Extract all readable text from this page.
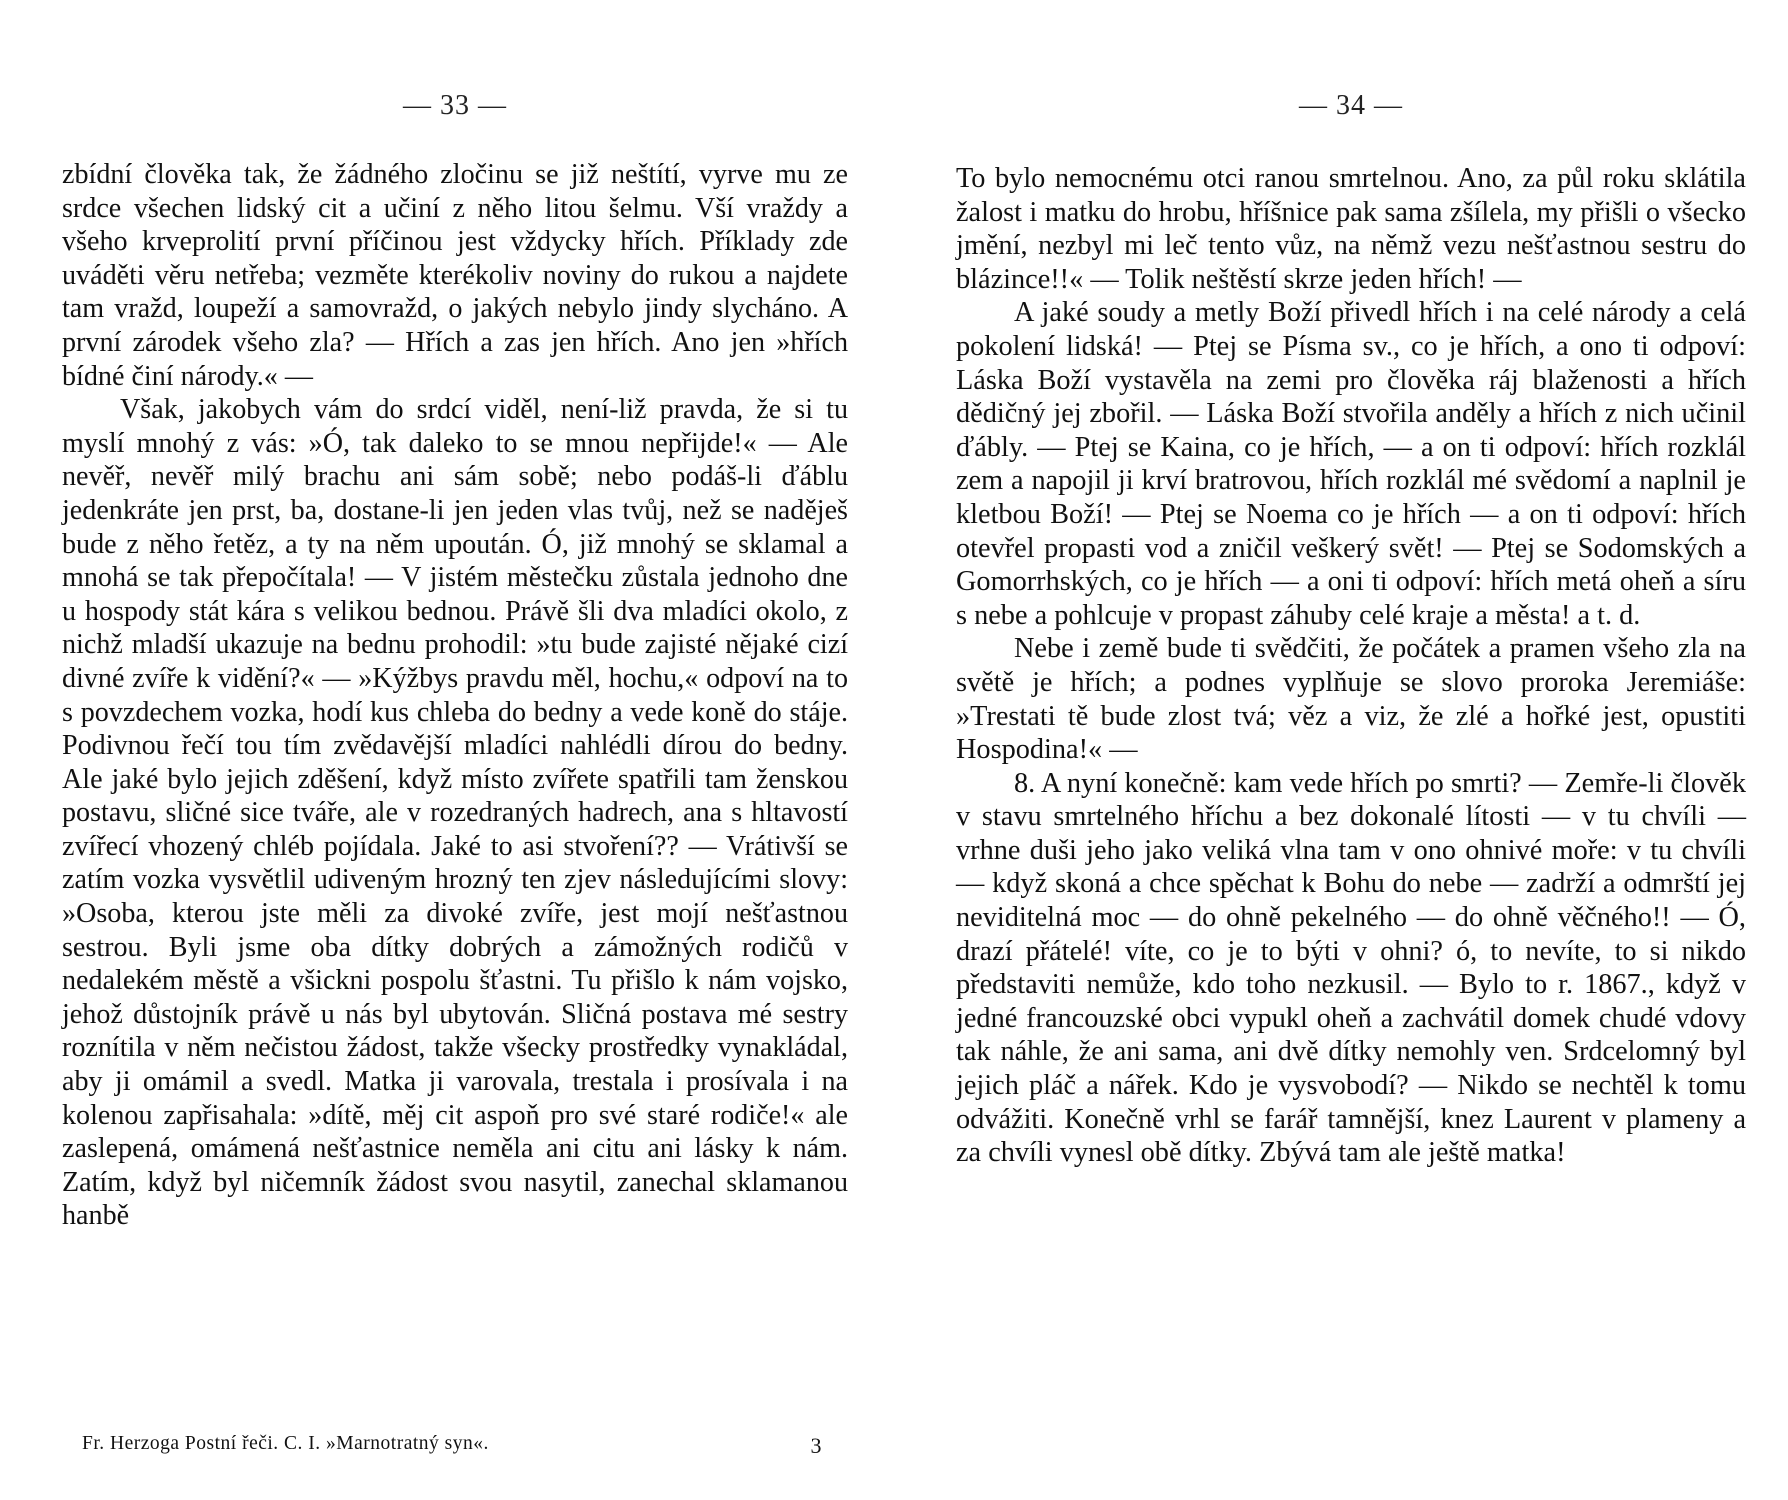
— 33 —

zbídní člověka tak, že žádného zločinu se již neštítí, vyrve mu ze srdce všechen lidský cit a učiní z něho litou šelmu. Vší vraždy a všeho krveprolití první příčinou jest vždycky hřích. Příklady zde uváděti věru netřeba; vezměte kterékoliv noviny do rukou a najdete tam vražd, loupeží a samovražd, o jakých nebylo jindy slycháno. A první zárodek všeho zla? — Hřích a zas jen hřích. Ano jen »hřích bídné činí národy.« —

Však, jakobych vám do srdcí viděl, není-liž pravda, že si tu myslí mnohý z vás: »Ó, tak daleko to se mnou nepřijde!« — Ale nevěř, nevěř milý brachu ani sám sobě; nebo podáš-li ďáblu jedenkráte jen prst, ba, dostane-li jen jeden vlas tvůj, než se naděješ bude z něho řetěz, a ty na něm upoután. Ó, již mnohý se sklamal a mnohá se tak přepočítala! — V jistém městečku zůstala jednoho dne u hospody stát kára s velikou bednou. Právě šli dva mladíci okolo, z nichž mladší ukazuje na bednu prohodil: »tu bude zajisté nějaké cizí divné zvíře k vidění?« — »Kýžbys pravdu měl, hochu,« odpoví na to s povzdechem vozka, hodí kus chleba do bedny a vede koně do stáje. Podivnou řečí tou tím zvědavější mladíci nahlédli dírou do bedny. Ale jaké bylo jejich zděšení, když místo zvířete spatřili tam ženskou postavu, sličné sice tváře, ale v rozedraných hadrech, ana s hltavostí zvířecí vhozený chléb pojídala. Jaké to asi stvoření?? — Vrátivší se zatím vozka vysvětlil udiveným hrozný ten zjev následujícími slovy: »Osoba, kterou jste měli za divoké zvíře, jest mojí nešťastnou sestrou. Byli jsme oba dítky dobrých a zámožných rodičů v nedalekém městě a všickni pospolu šťastni. Tu přišlo k nám vojsko, jehož důstojník právě u nás byl ubytován. Sličná postava mé sestry roznítila v něm nečistou žádost, takže všecky prostředky vynakládal, aby ji omámil a svedl. Matka ji varovala, trestala i prosívala i na kolenou zapřisahala: »dítě, měj cit aspoň pro své staré rodiče!« ale zaslepená, omámená nešťastnice neměla ani citu ani lásky k nám. Zatím, když byl ničemník žádost svou nasytil, zanechal sklamanou hanbě

Fr. Herzoga Postní řeči. C. I. »Marnotratný syn«.	3
— 34 —

To bylo nemocnému otci ranou smrtelnou. Ano, za půl roku sklátila žalost i matku do hrobu, hříšnice pak sama zšílela, my přišli o všecko jmění, nezbyl mi leč tento vůz, na němž vezu nešťastnou sestru do blázince!!« — Tolik neštěstí skrze jeden hřích! —

A jaké soudy a metly Boží přivedl hřích i na celé národy a celá pokolení lidská! — Ptej se Písma sv., co je hřích, a ono ti odpoví: Láska Boží vystavěla na zemi pro člověka ráj blaženosti a hřích dědičný jej zbořil. — Láska Boží stvořila anděly a hřích z nich učinil ďábly. — Ptej se Kaina, co je hřích, — a on ti odpoví: hřích rozklál zem a napojil ji krví bratrovou, hřích rozklál mé svědomí a naplnil je kletbou Boží! — Ptej se Noema co je hřích — a on ti odpoví: hřích otevřel propasti vod a zničil veškerý svět! — Ptej se Sodomských a Gomorrhských, co je hřích — a oni ti odpoví: hřích metá oheň a síru s nebe a pohlcuje v propast záhuby celé kraje a města! a t. d.

Nebe i země bude ti svědčiti, že počátek a pramen všeho zla na světě je hřích; a podnes vyplňuje se slovo proroka Jeremiáše: »Trestati tě bude zlost tvá; věz a viz, že zlé a hořké jest, opustiti Hospodina!« —

8. A nyní konečně: kam vede hřích po smrti? — Zemře-li člověk v stavu smrtelného hříchu a bez dokonalé lítosti — v tu chvíli — vrhne duši jeho jako veliká vlna tam v ono ohnivé moře: v tu chvíli — když skoná a chce spěchat k Bohu do nebe — zadrží a odmrští jej neviditelná moc — do ohně pekelného — do ohně věčného!! — Ó, drazí přátelé! víte, co je to býti v ohni? ó, to nevíte, to si nikdo představiti nemůže, kdo toho nezkusil. — Bylo to r. 1867., když v jedné francouzské obci vypukl oheň a zachvátil domek chudé vdovy tak náhle, že ani sama, ani dvě dítky nemohly ven. Srdcelomný byl jejich pláč a nářek. Kdo je vysvobodí? — Nikdo se nechtěl k tomu odvážiti. Konečně vrhl se farář tamnější, knez Laurent v plameny a za chvíli vynesl obě dítky. Zbývá tam ale ještě matka!
